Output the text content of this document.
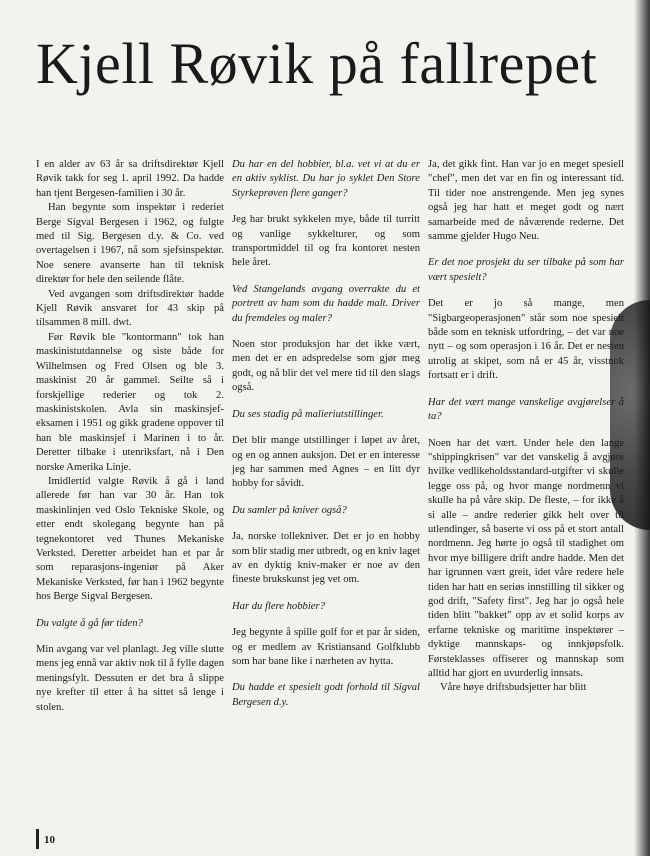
Kjell Røvik på fallrepet

I en alder av 63 år sa driftsdirektør Kjell Røvik takk for seg 1. april 1992. Da hadde han tjent Bergesen-familien i 30 år.

Han begynte som inspektør i rederiet Berge Sigval Bergesen i 1962, og fulgte med til Sig. Bergesen d.y. & Co. ved overtagelsen i 1967, nå som sjefsinspektør. Noe senere avanserte han til teknisk direktør for hele den seilende flåte.

Ved avgangen som driftsdirektør hadde Kjell Røvik ansvaret for 43 skip på tilsammen 8 mill. dwt.

Før Røvik ble "kontormann" tok han maskinistutdannelse og siste både for Wilhelmsen og Fred Olsen og ble 3. maskinist 20 år gammel. Seilte så i forskjellige rederier og tok 2. maskinistskolen. Avla sin maskinsjef-eksamen i 1951 og gikk gradene oppover til han ble maskinsjef i Marinen i to år. Deretter tilbake i utenriksfart, nå i Den norske Amerika Linje.

Imidlertid valgte Røvik å gå i land allerede før han var 30 år. Han tok maskinlinjen ved Oslo Tekniske Skole, og etter endt skolegang begynte han på tegnekontoret ved Thunes Mekaniske Verksted. Deretter arbeidet han et par år som reparasjons-ingeniør på Aker Mekaniske Verksted, før han i 1962 begynte hos Berge Sigval Bergesen.

Du valgte å gå før tiden?

Min avgang var vel planlagt. Jeg ville slutte mens jeg ennå var aktiv nok til å fylle dagen meningsfylt. Dessuten er det bra å slippe nye krefter til etter å ha sittet så lenge i stolen.

Du har en del hobbier, bl.a. vet vi at du er en aktiv syklist. Du har jo syklet Den Store Styrkeprøven flere ganger?

Jeg har brukt sykkelen mye, både til turritt og vanlige sykkelturer, og som transportmiddel til og fra kontoret nesten hele året.

Ved Stangelands avgang overrakte du et portrett av ham som du hadde malt. Driver du fremdeles og maler?

Noen stor produksjon har det ikke vært, men det er en adspredelse som gjør meg godt, og nå blir det vel mere tid til den slags også.

Du ses stadig på malieriutstillinger.

Det blir mange utstillinger i løpet av året, og en og annen auksjon. Det er en interesse jeg har sammen med Agnes – en litt dyr hobby for såvidt.

Du samler på kniver også?

Ja, norske tollekniver. Det er jo en hobby som blir stadig mer utbredt, og en kniv laget av en dyktig kniv-maker er noe av den fineste brukskunst jeg vet om.

Har du flere hobbier?

Jeg begynte å spille golf for et par år siden, og er medlem av Kristiansand Golfklubb som har bane like i nærheten av hytta.

Du hadde et spesielt godt forhold til Sigval Bergesen d.y.

Ja, det gikk fint. Han var jo en meget spesiell "chef", men det var en fin og interessant tid. Til tider noe anstrengende. Men jeg synes også jeg har hatt et meget godt og nært samarbeide med de nåværende rederne. Det samme gjelder Hugo Neu.

Er det noe prosjekt du ser tilbake på som har vært spesielt?

Det er jo så mange, men "Sigbargeoperasjonen" står som noe spesielt både som en teknisk utfordring, – det var noe nytt – og som operasjon i 16 år. Det er nesten utrolig at skipet, som nå er 45 år, visstnok fortsatt er i drift.

Har det vært mange vanskelige avgjørelser å ta?

Noen har det vært. Under hele den lange "shippingkrisen" var det vanskelig å avgjøre hvilke vedlikeholdsstandard-utgifter vi skulle legge oss på, og hvor mange nordmenn vi skulle ha på våre skip. De fleste, – for ikke å si alle – andre rederier gikk helt over til utlendinger, så baserte vi oss på et stort antall nordmenn. Jeg hørte jo også til stadighet om hvor mye billigere drift andre hadde. Men det har igrunnen vært greit, idet våre redere hele tiden har hatt en seriøs innstilling til sikker og god drift, "Safety first". Jeg har jo også hele tiden blitt "bakket" opp av et solid korps av erfarne tekniske og maritime inspektører – dyktige mannskaps- og innkjøpsfolk. Førsteklasses offiserer og mannskap som alltid har gjort en uvurderlig innsats.

Våre høye driftsbudsjetter har blitt

10
